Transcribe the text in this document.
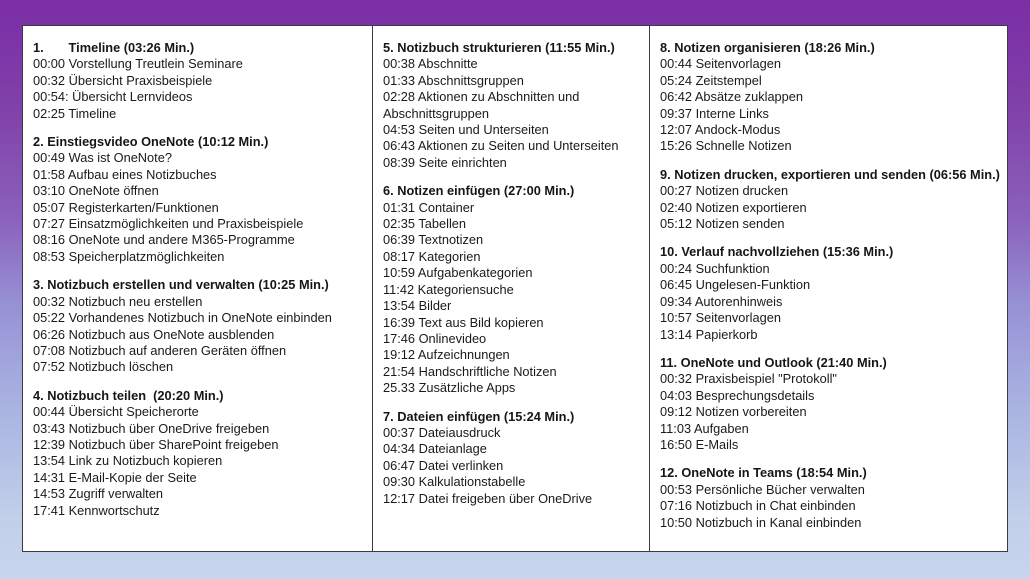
1.       Timeline (03:26 Min.)
00:00 Vorstellung Treutlein Seminare
00:32 Übersicht Praxisbeispiele
00:54: Übersicht Lernvideos
02:25 Timeline
2. Einstiegsvideo OneNote (10:12 Min.)
00:49 Was ist OneNote?
01:58 Aufbau eines Notizbuches
03:10 OneNote öffnen
05:07 Registerkarten/Funktionen
07:27 Einsatzmöglichkeiten und Praxisbeispiele
08:16 OneNote und andere M365-Programme
08:53 Speicherplatzmöglichkeiten
3. Notizbuch erstellen und verwalten (10:25 Min.)
00:32 Notizbuch neu erstellen
05:22 Vorhandenes Notizbuch in OneNote einbinden
06:26 Notizbuch aus OneNote ausblenden
07:08 Notizbuch auf anderen Geräten öffnen
07:52 Notizbuch löschen
4. Notizbuch teilen  (20:20 Min.)
00:44 Übersicht Speicherorte
03:43 Notizbuch über OneDrive freigeben
12:39 Notizbuch über SharePoint freigeben
13:54 Link zu Notizbuch kopieren
14:31 E-Mail-Kopie der Seite
14:53 Zugriff verwalten
17:41 Kennwortschutz
5. Notizbuch strukturieren (11:55 Min.)
00:38 Abschnitte
01:33 Abschnittsgruppen
02:28 Aktionen zu Abschnitten und Abschnittsgruppen
04:53 Seiten und Unterseiten
06:43 Aktionen zu Seiten und Unterseiten
08:39 Seite einrichten
6. Notizen einfügen (27:00 Min.)
01:31 Container
02:35 Tabellen
06:39 Textnotizen
08:17 Kategorien
10:59 Aufgabenkategorien
11:42 Kategoriensuche
13:54 Bilder
16:39 Text aus Bild kopieren
17:46 Onlinevideo
19:12 Aufzeichnungen
21:54 Handschriftliche Notizen
25.33 Zusätzliche Apps
7. Dateien einfügen (15:24 Min.)
00:37 Dateiausdruck
04:34 Dateianlage
06:47 Datei verlinken
09:30 Kalkulationstabelle
12:17 Datei freigeben über OneDrive
8. Notizen organisieren (18:26 Min.)
00:44 Seitenvorlagen
05:24 Zeitstempel
06:42 Absätze zuklappen
09:37 Interne Links
12:07 Andock-Modus
15:26 Schnelle Notizen
9. Notizen drucken, exportieren und senden (06:56 Min.)
00:27 Notizen drucken
02:40 Notizen exportieren
05:12 Notizen senden
10. Verlauf nachvollziehen (15:36 Min.)
00:24 Suchfunktion
06:45 Ungelesen-Funktion
09:34 Autorenhinweis
10:57 Seitenvorlagen
13:14 Papierkorb
11. OneNote und Outlook (21:40 Min.)
00:32 Praxisbeispiel "Protokoll"
04:03 Besprechungsdetails
09:12 Notizen vorbereiten
11:03 Aufgaben
16:50 E-Mails
12. OneNote in Teams (18:54 Min.)
00:53 Persönliche Bücher verwalten
07:16 Notizbuch in Chat einbinden
10:50 Notizbuch in Kanal einbinden
